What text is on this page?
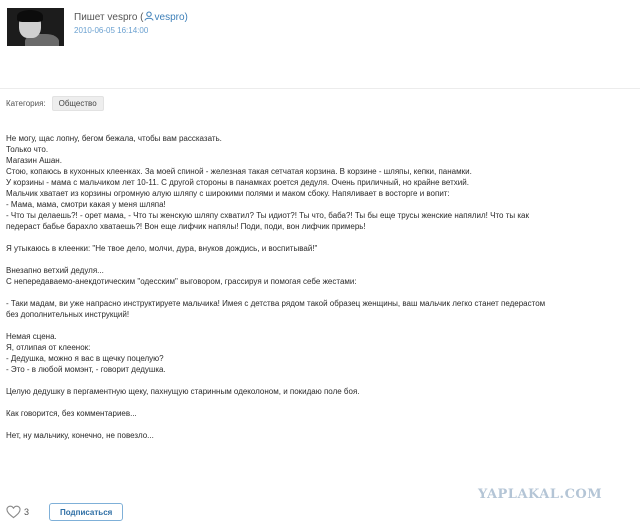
Пишет vespro ( vespro)
2010-06-05 16:14:00
Категория:	Общество

Не могу, щас лопну, бегом бежала, чтобы вам рассказать.

Только что.

Магазин Ашан.

Стою, копаюсь в кухонных клеенках. За моей спиной - железная такая сетчатая корзина. В корзине - шляпы, кепки, панамки.

У корзины - мама с мальчиком лет 10-11. С другой стороны в панамках роется дедуля. Очень приличный, но крайне ветхий.

Мальчик хватает из корзины огромную алую шляпу с широкими полями и маком сбоку. Напяливает в восторге и вопит:

- Мама, мама, смотри какая у меня шляпа!

- Что ты делаешь?! - орет мама, - Что ты женскую шляпу схватил? Ты идиот?! Ты что, баба?! Ты бы еще трусы женские напялил! Что ты как

педераст бабье барахло хватаешь?! Вон еще лифчик напялы! Поди, поди, вон лифчик примерь!

Я утыкаюсь в клеенки: "Не твое дело, молчи, дура, внуков дождись, и воспитывай!"

Внезапно ветхий дедуля...

С непередаваемо-анекдотическим "одесским" выговором, грассируя и помогая себе жестами:

- Таки мадам, ви уже напрасно инструктируете мальчика! Имея с детства рядом такой образец женщины, ваш мальчик легко станет педерастом

без дополнительных инструкций!

Немая сцена.

Я, отлипая от клеенок:

- Дедушка, можно я вас в щечку поцелую?

- Это - в любой момэнт, - говорит дедушка.

Целую дедушку в пергаментную щеку, пахнущую старинным одеколоном, и покидаю поле боя.

Как говорится, без комментариев...

Нет, ну мальчику, конечно, не повезло...

YAPLAKAL.COM
3	Подписаться
